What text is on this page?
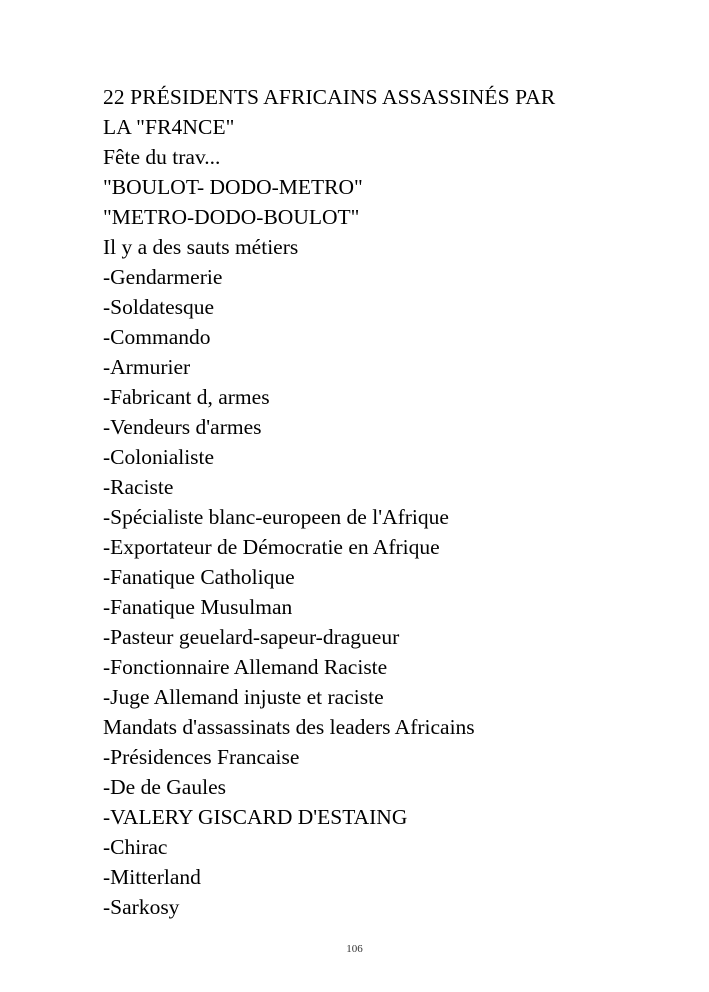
22 PRÉSIDENTS AFRICAINS ASSASSINÉS PAR
LA "FR4NCE"
Fête du trav...
"BOULOT- DODO-METRO"
"METRO-DODO-BOULOT"
Il y a des sauts métiers
-Gendarmerie
-Soldatesque
-Commando
-Armurier
-Fabricant d, armes
-Vendeurs d'armes
-Colonialiste
-Raciste
-Spécialiste blanc-europeen de l'Afrique
-Exportateur de Démocratie en Afrique
-Fanatique Catholique
-Fanatique Musulman
-Pasteur geuelard-sapeur-dragueur
-Fonctionnaire Allemand Raciste
-Juge Allemand injuste et raciste
Mandats d'assassinats des leaders Africains
-Présidences Francaise
-De de Gaules
-VALERY GISCARD D'ESTAING
-Chirac
-Mitterland
-Sarkosy
106
